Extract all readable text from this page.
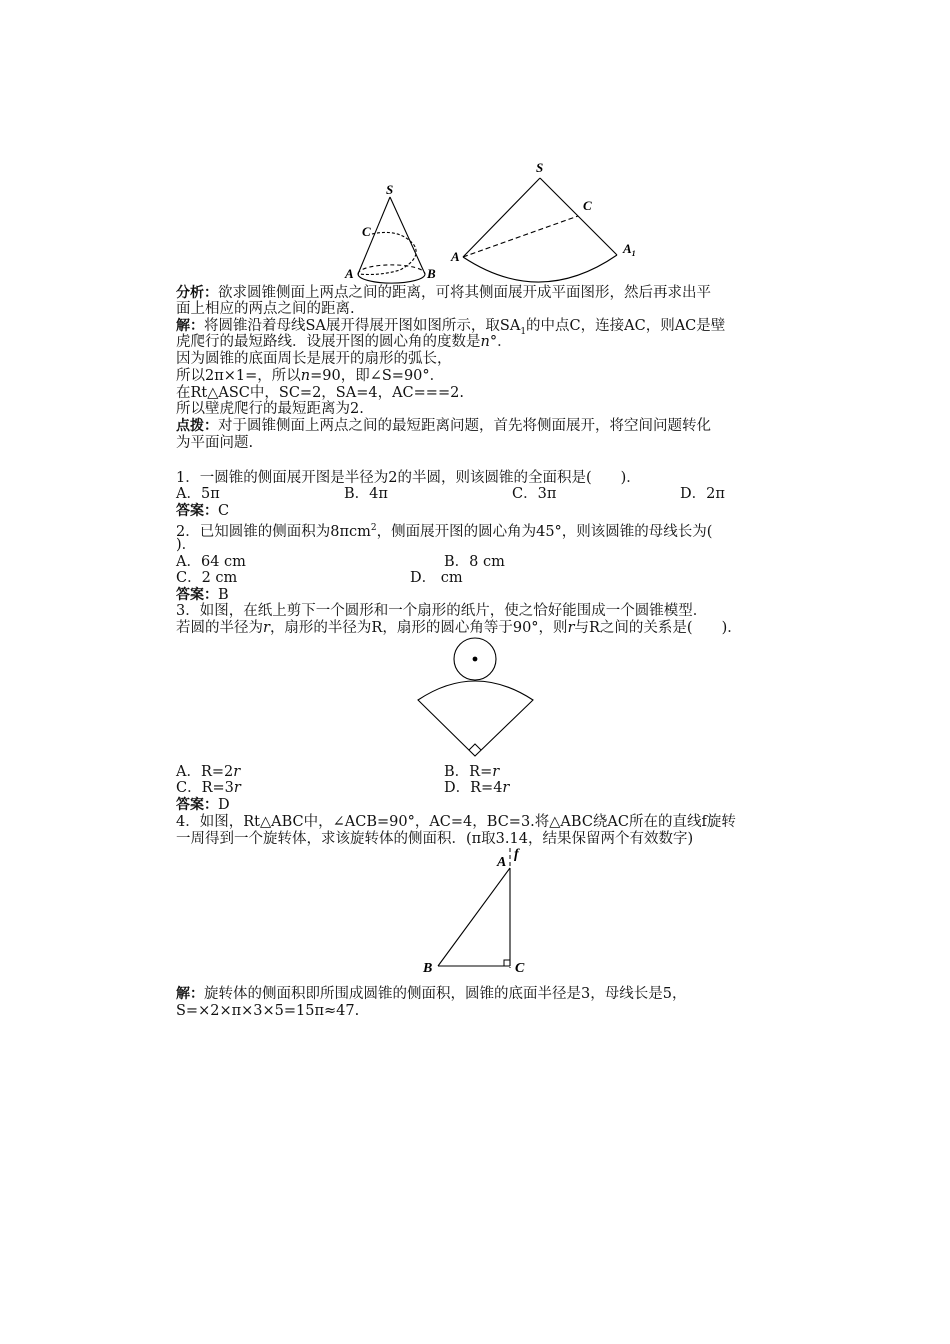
S
C
A	B
S
C
A
$A_1$
分析：欲求圆锥侧面上两点之间的距离，可将其侧面展开成平面图形，然后再求出平
面上相应的两点之间的距离.
解：将圆锥沿着母线SA展开得展开图如图所示，取$SA_1$的中点C，连接AC，则AC是壁
虎爬行的最短路线．设展开图的圆心角的度数是n°．
因为圆锥的底面周长是展开的扇形的弧长，
所以2π×1=，所以n=90，即∠S=90°．
在Rt△ASC中，SC=2，SA=4，AC===2.
所以壁虎爬行的最短距离为2.
点拨：对于圆锥侧面上两点之间的最短距离问题，首先将侧面展开，将空间问题转化
为平面问题.
1．一圆锥的侧面展开图是半径为2的半圆，则该圆锥的全面积是(　　)．
A．5π	B．4π	C．3π	D．2π
答案：C
2．已知圆锥的侧面积为8πcm$^2$，侧面展开图的圆心角为45°，则该圆锥的母线长为(
)．
A．64 cm	B．8 cm
C．2 cm	D． cm
答案：B
3．如图，在纸上剪下一个圆形和一个扇形的纸片，使之恰好能围成一个圆锥模型．
若圆的半径为r，扇形的半径为R，扇形的圆心角等于90°，则r与R之间的关系是(　　)．
A．R=2r	B．R=r
C．R=3r	D．R=4r
答案：D
4．如图，Rt△ABC中，∠ACB=90°，AC=4，BC=3.将△ABC绕AC所在的直线f旋转
一周得到一个旋转体，求该旋转体的侧面积．(π取3.14，结果保留两个有效数字)
A
f
B	C
解：旋转体的侧面积即所围成圆锥的侧面积，圆锥的底面半径是3，母线长是5，
S=×2×π×3×5=15π≈47.
